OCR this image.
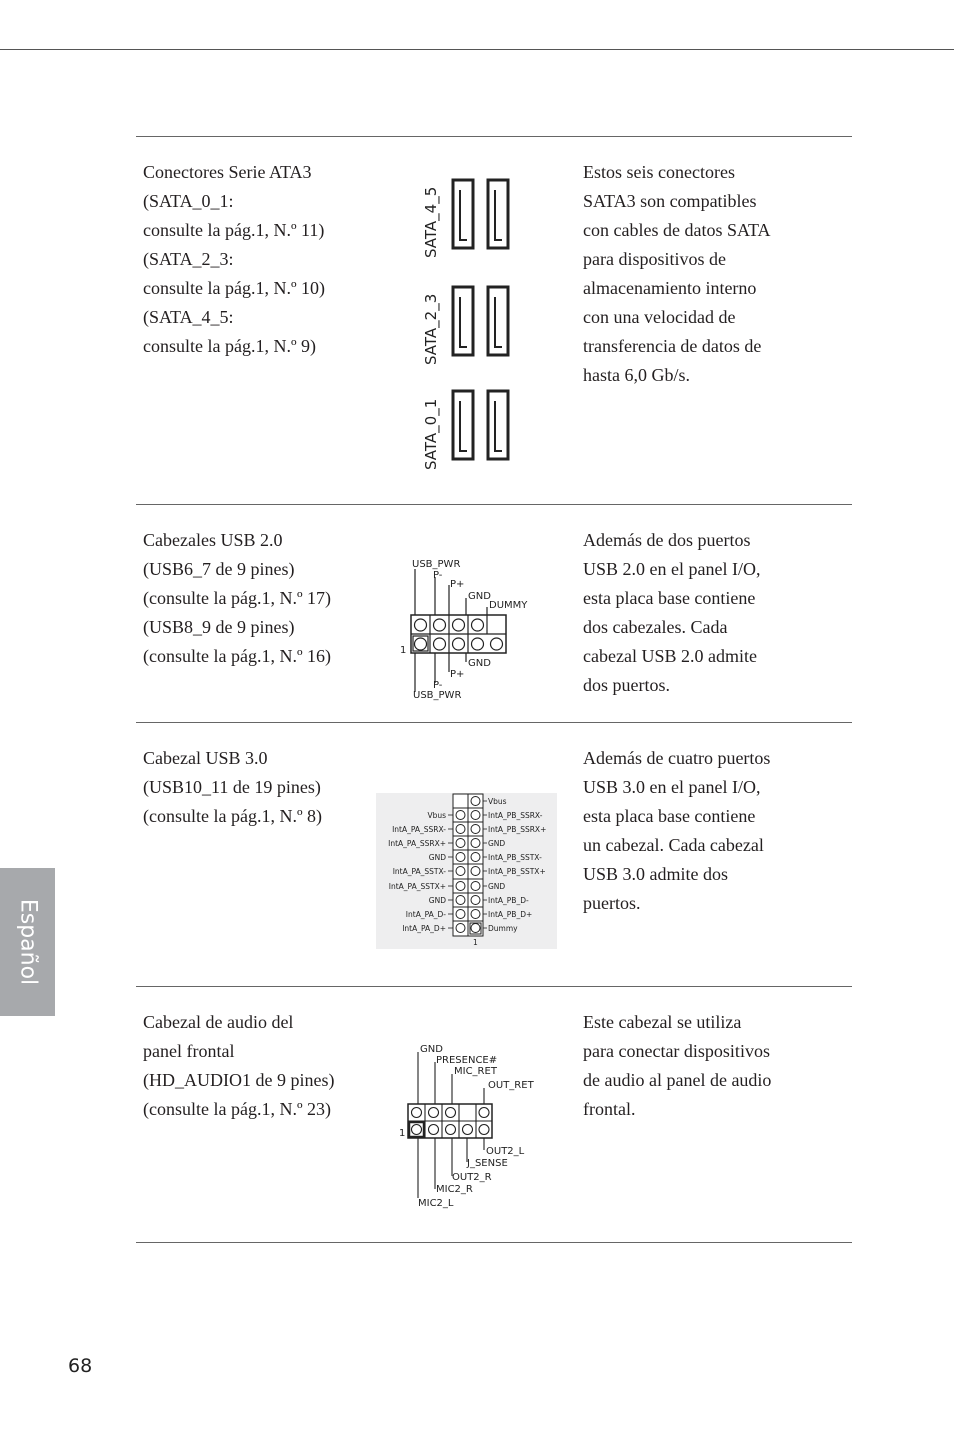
Conectores Serie ATA3
(SATA_0_1:
consulte la pág.1, N.º 11)
(SATA_2_3:
consulte la pág.1, N.º 10)
(SATA_4_5:
consulte la pág.1, N.º 9)
Estos seis conectores
SATA3 son compatibles
con cables de datos SATA
para dispositivos de
almacenamiento interno
con una velocidad de
transferencia de datos de
hasta 6,0 Gb/s.
SATA_4_5
SATA_2_3
SATA_0_1
Cabezales USB 2.0
(USB6_7 de 9 pines)
(consulte la pág.1, N.º 17)
(USB8_9 de 9 pines)
(consulte la pág.1, N.º 16)
Además de dos puertos
USB 2.0 en el panel I/O,
esta placa base contiene
dos cabezales. Cada
cabezal USB 2.0 admite
dos puertos.
USB_PWR
P-
P+
GND
DUMMY
GND
P+
P-
USB_PWR
1
Cabezal USB 3.0
(USB10_11 de 19 pines)
(consulte la pág.1, N.º 8)
Además de cuatro puertos
USB 3.0 en el panel I/O,
esta placa base contiene
un cabezal. Cada cabezal
USB 3.0 admite dos
puertos.
Vbus
IntA_PA_SSRX-
IntA_PA_SSRX+
GND
IntA_PA_SSTX-
IntA_PA_SSTX+
GND
IntA_PA_D-
IntA_PA_D+
Vbus
IntA_PB_SSRX-
IntA_PB_SSRX+
GND
IntA_PB_SSTX-
IntA_PB_SSTX+
GND
IntA_PB_D-
IntA_PB_D+
Dummy
1
Cabezal de audio del
panel frontal
(HD_AUDIO1 de 9 pines)
(consulte la pág.1, N.º 23)
Este cabezal se utiliza
para conectar dispositivos
de audio al panel de audio
frontal.
GND
PRESENCE#
MIC_RET
OUT_RET
OUT2_L
J_SENSE
OUT2_R
MIC2_R
MIC2_L
1
Español
68
